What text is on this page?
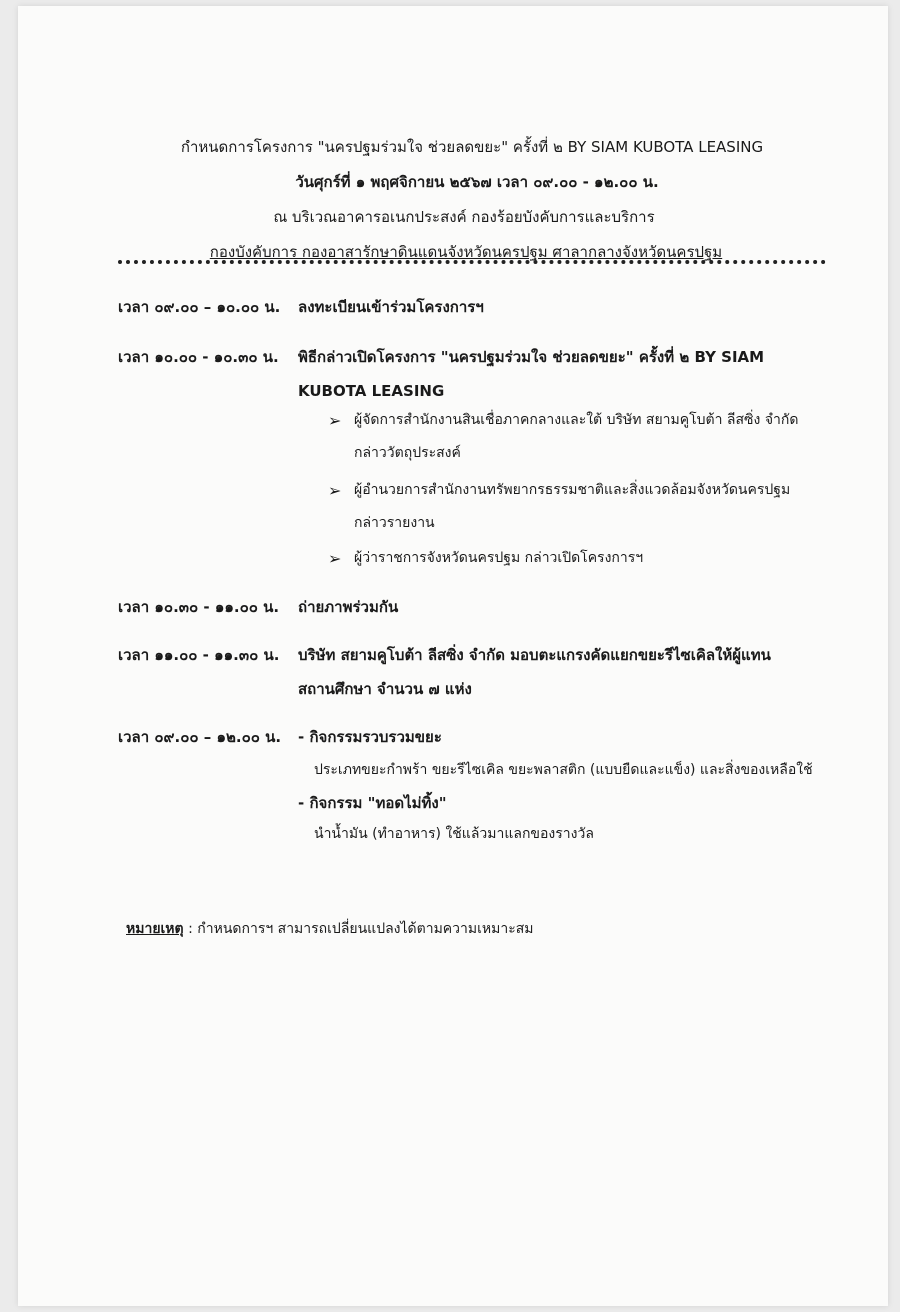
กำหนดการโครงการ "นครปฐมร่วมใจ ช่วยลดขยะ" ครั้งที่ ๒ BY SIAM KUBOTA LEASING
วันศุกร์ที่ ๑ พฤศจิกายน ๒๕๖๗ เวลา ๐๙.๐๐ - ๑๒.๐๐ น.
ณ บริเวณอาคารอเนกประสงค์ กองร้อยบังคับการและบริการ
กองบังคับการ กองอาสารักษาดินแดนจังหวัดนครปฐม ศาลากลางจังหวัดนครปฐม
เวลา ๐๙.๐๐ – ๑๐.๐๐ น.	ลงทะเบียนเข้าร่วมโครงการฯ
เวลา ๑๐.๐๐ - ๑๐.๓๐ น.	พิธีกล่าวเปิดโครงการ "นครปฐมร่วมใจ ช่วยลดขยะ" ครั้งที่ ๒ BY SIAM
KUBOTA LEASING
➢ ผู้จัดการสำนักงานสินเชื่อภาคกลางและใต้ บริษัท สยามคูโบต้า ลีสซิ่ง จำกัด
กล่าววัตถุประสงค์
➢ ผู้อำนวยการสำนักงานทรัพยากรธรรมชาติและสิ่งแวดล้อมจังหวัดนครปฐม
กล่าวรายงาน
➢ ผู้ว่าราชการจังหวัดนครปฐม กล่าวเปิดโครงการฯ
เวลา ๑๐.๓๐ - ๑๑.๐๐ น.	ถ่ายภาพร่วมกัน
เวลา ๑๑.๐๐ - ๑๑.๓๐ น.	บริษัท สยามคูโบต้า ลีสซิ่ง จำกัด มอบตะแกรงคัดแยกขยะรีไซเคิลให้ผู้แทน
สถานศึกษา จำนวน ๗ แห่ง
เวลา ๐๙.๐๐ – ๑๒.๐๐ น.	- กิจกรรมรวบรวมขยะ
ประเภทขยะกำพร้า ขยะรีไซเคิล ขยะพลาสติก (แบบยืดและแข็ง) และสิ่งของเหลือใช้
- กิจกรรม "ทอดไม่ทิ้ง"
นำน้ำมัน (ทำอาหาร) ใช้แล้วมาแลกของรางวัล
หมายเหตุ : กำหนดการฯ สามารถเปลี่ยนแปลงได้ตามความเหมาะสม
